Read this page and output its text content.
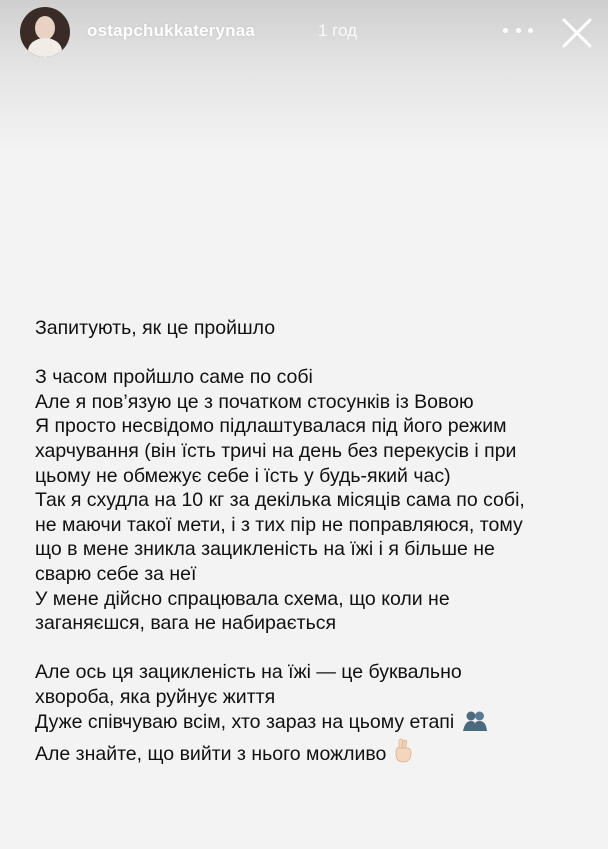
ostapchukkaterynaa	1 год
Запитують, як це пройшло
З часом пройшло саме по собі
Але я пов’язую це з початком стосунків із Вовою
Я просто несвідомо підлаштувалася під його режим
харчування (він їсть тричі на день без перекусів і при
цьому не обмежує себе і їсть у будь-який час)
Так я схудла на 10 кг за декілька місяців сама по собі,
не маючи такої мети, і з тих пір не поправляюся, тому
що в мене зникла зацикленість на їжі і я більше не
сварю себе за неї
У мене дійсно спрацювала схема, що коли не
заганяєшся, вага не набирається
Але ось ця зацикленість на їжі — це буквально
хвороба, яка руйнує життя
Дуже співчуваю всім, хто зараз на цьому етапі
Але знайте, що вийти з нього можливо
